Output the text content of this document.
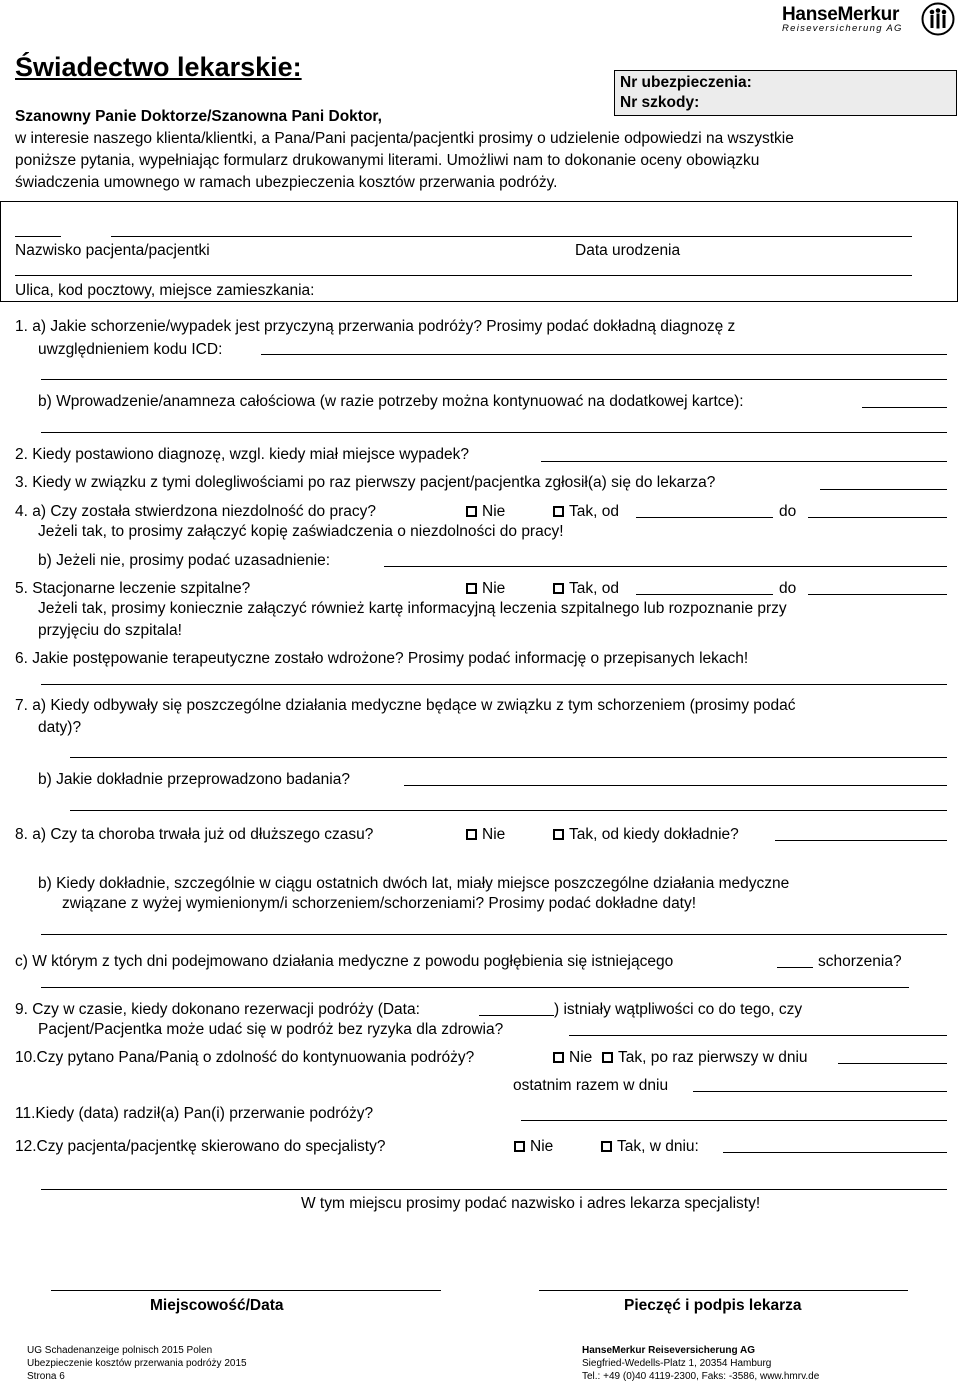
HanseMerkur
Reiseversicherung AG
Świadectwo lekarskie:
Nr ubezpieczenia:
Nr szkody:
Szanowny Panie Doktorze/Szanowna Pani Doktor,
w interesie naszego klienta/klientki, a Pana/Pani pacjenta/pacjentki prosimy o udzielenie odpowiedzi na wszystkie
poniższe pytania, wypełniając formularz drukowanymi literami. Umożliwi nam to dokonanie oceny obowiązku
świadczenia umownego w ramach ubezpieczenia kosztów przerwania podróży.
Nazwisko pacjenta/pacjentki	Data urodzenia
Ulica, kod pocztowy, miejsce zamieszkania:
1. a) Jakie schorzenie/wypadek jest przyczyną przerwania podróży? Prosimy podać dokładną diagnozę z
uwzględnieniem kodu ICD:
b) Wprowadzenie/anamneza całościowa (w razie potrzeby można kontynuować na dodatkowej kartce):
2. Kiedy postawiono diagnozę, wzgl. kiedy miał miejsce wypadek?
3. Kiedy w związku z tymi dolegliwościami po raz pierwszy pacjent/pacjentka zgłosił(a) się do lekarza?
4. a) Czy została stwierdzona niezdolność do pracy?	Nie	Tak, od	do
Jeżeli tak, to prosimy załączyć kopię zaświadczenia o niezdolności do pracy!
b) Jeżeli nie, prosimy podać uzasadnienie:
5. Stacjonarne leczenie szpitalne?	Nie	Tak, od	do
Jeżeli tak, prosimy koniecznie załączyć również kartę informacyjną leczenia szpitalnego lub rozpoznanie przy
przyjęciu do szpitala!
6. Jakie postępowanie terapeutyczne zostało wdrożone? Prosimy podać informację o przepisanych lekach!
7. a) Kiedy odbywały się poszczególne działania medyczne będące w związku z tym schorzeniem (prosimy podać
daty)?
b) Jakie dokładnie przeprowadzono badania?
8. a) Czy ta choroba trwała już od dłuższego czasu?	Nie	Tak, od kiedy dokładnie?
b) Kiedy dokładnie, szczególnie w ciągu ostatnich dwóch lat, miały miejsce poszczególne działania medyczne
związane z wyżej wymienionym/i schorzeniem/schorzeniami? Prosimy podać dokładne daty!
c) W którym z tych dni podejmowano działania medyczne z powodu pogłębienia się istniejącego	schorzenia?
9. Czy w czasie, kiedy dokonano rezerwacji podróży (Data:	) istniały wątpliwości co do tego, czy
Pacjent/Pacjentka może udać się w podróż bez ryzyka dla zdrowia?
10.Czy pytano Pana/Panią o zdolność do kontynuowania podróży?	Nie	Tak, po raz pierwszy w dniu
ostatnim razem w dniu
11.Kiedy (data) radził(a) Pan(i) przerwanie podróży?
12.Czy pacjenta/pacjentkę skierowano do specjalisty?	Nie	Tak, w dniu:
W tym miejscu prosimy podać nazwisko i adres lekarza specjalisty!
Miejscowość/Data	Pieczęć i podpis lekarza
UG Schadenanzeige polnisch 2015 Polen
Ubezpieczenie kosztów przerwania podróży 2015
Strona 6
HanseMerkur Reiseversicherung AG
Siegfried-Wedells-Platz 1, 20354 Hamburg
Tel.: +49 (0)40 4119-2300, Faks: -3586, www.hmrv.de
